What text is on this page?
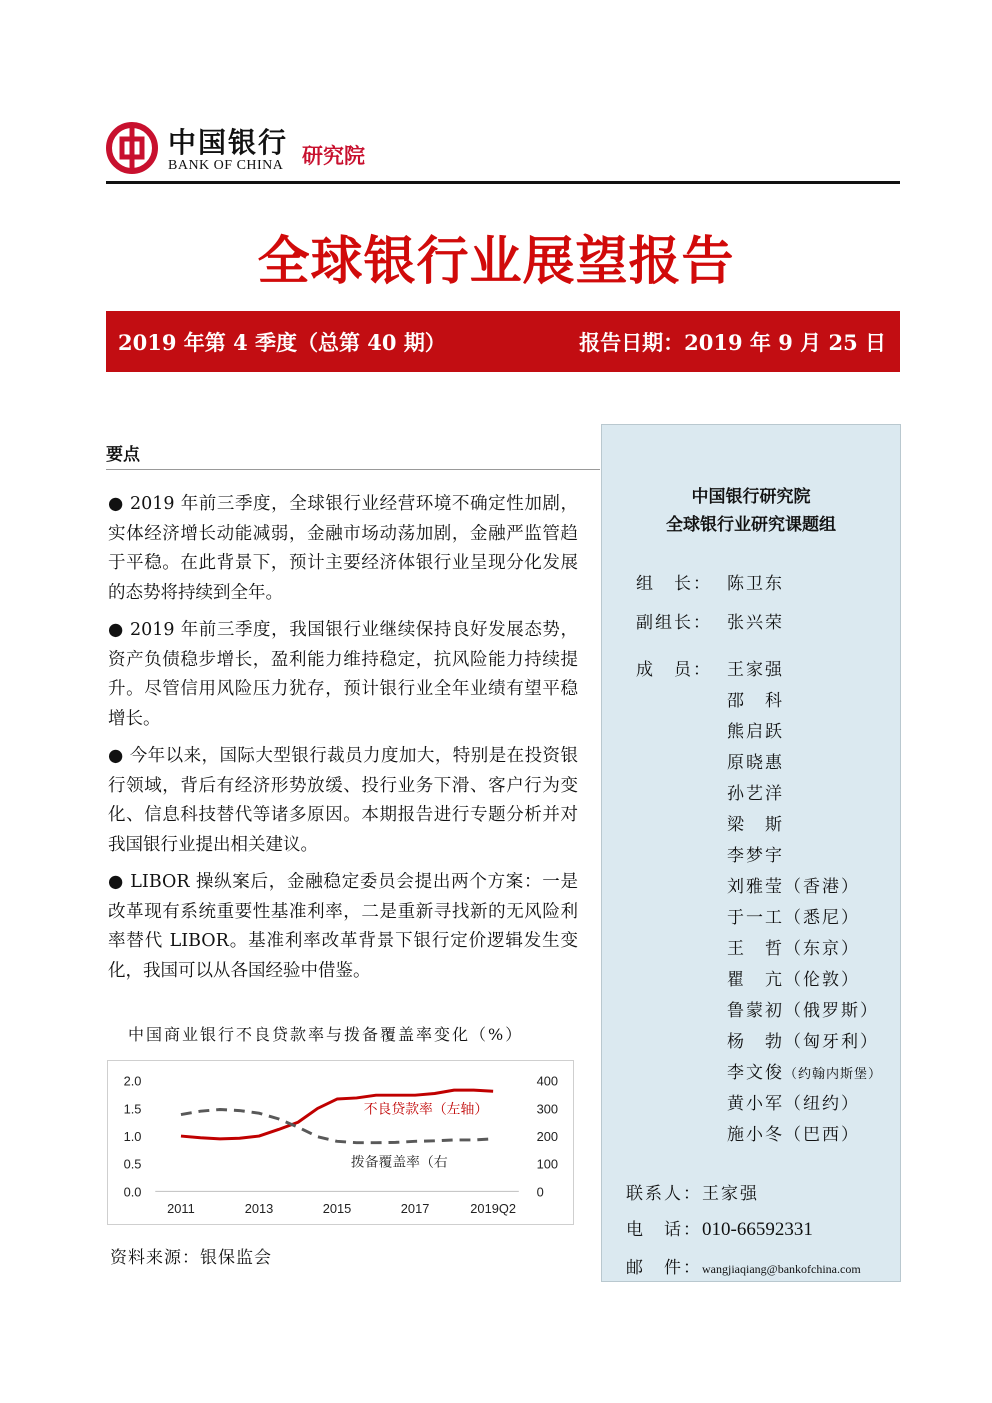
中国银行
BANK OF CHINA 研究院
全球银行业展望报告
2019 年第 4 季度（总第 40 期）	报告日期：2019 年 9 月 25 日
要点

● 2019 年前三季度，全球银行业经营环境不确定性加剧，实体经济增长动能减弱，金融市场动荡加剧，金融严监管趋于平稳。在此背景下，预计主要经济体银行业呈现分化发展的态势将持续到全年。

● 2019 年前三季度，我国银行业继续保持良好发展态势，资产负债稳步增长，盈利能力维持稳定，抗风险能力持续提升。尽管信用风险压力犹存，预计银行业全年业绩有望平稳增长。

● 今年以来，国际大型银行裁员力度加大，特别是在投资银行领域，背后有经济形势放缓、投行业务下滑、客户行为变化、信息科技替代等诸多原因。本期报告进行专题分析并对我国银行业提出相关建议。

● LIBOR 操纵案后，金融稳定委员会提出两个方案：一是改革现有系统重要性基准利率，二是重新寻找新的无风险利率替代 LIBOR。基准利率改革背景下银行定价逻辑发生变化，我国可以从各国经验中借鉴。

中国商业银行不良贷款率与拨备覆盖率变化（%）
2.0
1.5
1.0
0.5
0.0
400
300
200
100
0
2011	2013	2015	2017	2019Q2
不良贷款率（左轴）
拨备覆盖率（右
资料来源：银保监会
中国银行研究院
全球银行业研究课题组
组　长： 陈卫东
副组长： 张兴荣
成　员： 王家强
邵　科
熊启跃
原晓惠
孙艺洋
梁　斯
李梦宇
刘雅莹（香港）
于一工（悉尼）
王　哲（东京）
瞿　亢（伦敦）
鲁蒙初（俄罗斯）
杨　勃（匈牙利）
李文俊（约翰内斯堡）
黄小军（纽约）
施小冬（巴西）
联系人：王家强
电　话：010-66592331
邮　件：wangjiaqiang@bankofchina.com
